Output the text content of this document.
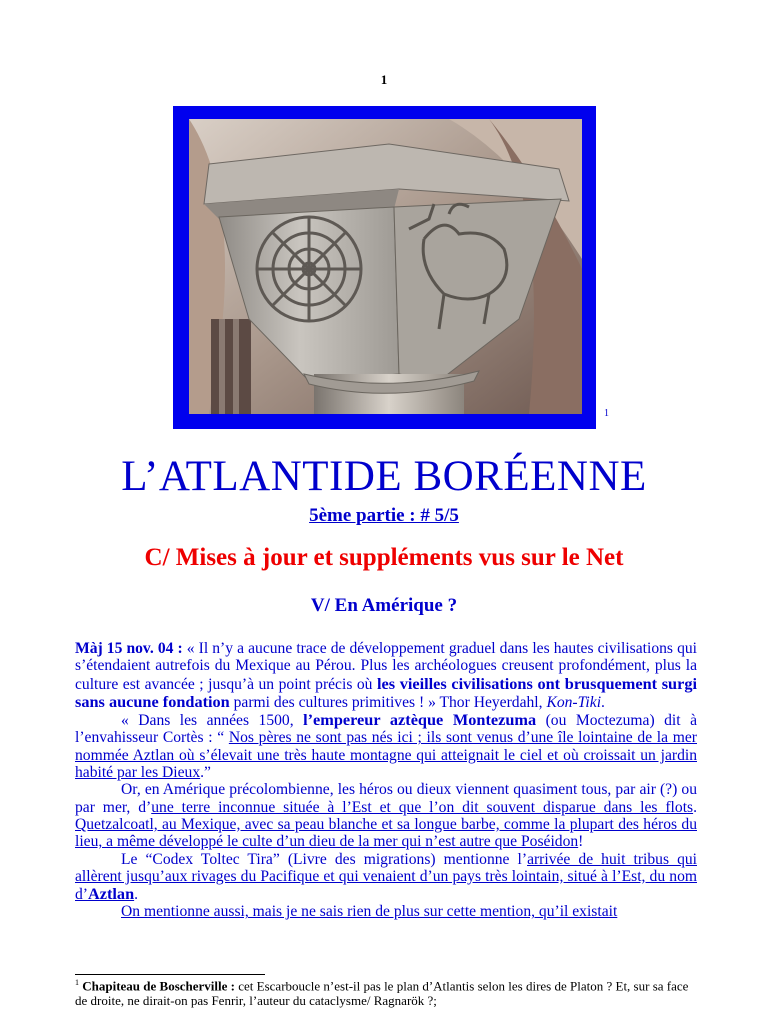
1
1
L’ATLANTIDE BORÉENNE
5ème partie : # 5/5
C/ Mises à jour et suppléments vus sur le Net
V/ En Amérique ?

Màj 15 nov. 04 : « Il n’y a aucune trace de développement graduel dans les hautes civilisations qui s’étendaient autrefois du Mexique au Pérou. Plus les archéologues creusent profondément, plus la culture est avancée ; jusqu’à un point précis où les vieilles civilisations ont brusquement surgi sans aucune fondation parmi des cultures primitives ! » Thor Heyerdahl, Kon-Tiki.

« Dans les années 1500, l’empereur aztèque Montezuma (ou Moctezuma) dit à l’envahisseur Cortès : “ Nos pères ne sont pas nés ici ; ils sont venus d’une île lointaine de la mer nommée Aztlan où s’élevait une très haute montagne qui atteignait le ciel et où croissait un jardin habité par les Dieux.”

Or, en Amérique précolombienne, les héros ou dieux viennent quasiment tous, par air (?) ou par mer, d’une terre inconnue située à l’Est et que l’on dit souvent disparue dans les flots. Quetzalcoatl, au Mexique, avec sa peau blanche et sa longue barbe, comme la plupart des héros du lieu, a même développé le culte d’un dieu de la mer qui n’est autre que Poséidon!

Le “Codex Toltec Tira” (Livre des migrations) mentionne l’arrivée de huit tribus qui allèrent jusqu’aux rivages du Pacifique et qui venaient d’un pays très lointain, situé à l’Est, du nom d’Aztlan.

On mentionne aussi, mais je ne sais rien de plus sur cette mention, qu’il existait

$^1$ Chapiteau de Boscherville : cet Escarboucle n’est-il pas le plan d’Atlantis selon les dires de Platon ? Et, sur sa face de droite, ne dirait-on pas Fenrir, l’auteur du cataclysme/ Ragnarök ?;
